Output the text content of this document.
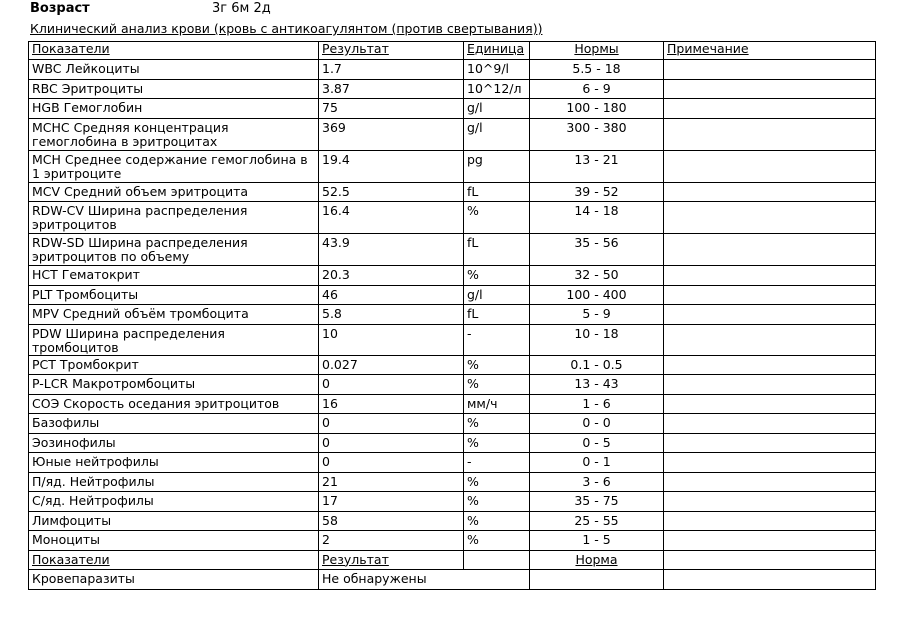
Возраст	3г 6м 2д
Клинический анализ крови (кровь с антикоагулянтом (против свертывания))
Показатели	Результат	Единица	Нормы	Примечание
WBC Лейкоциты	1.7	10^9/l	5.5 - 18	
RBC Эритроциты	3.87	10^12/л	6 - 9	
HGB Гемоглобин	75	g/l	100 - 180	
MCHC Средняя концентрация гемоглобина в эритроцитах	369	g/l	300 - 380	
MCH Среднее содержание гемоглобина в 1 эритроците	19.4	pg	13 - 21	
MCV Средний объем эритроцита	52.5	fL	39 - 52	
RDW-CV Ширина распределения эритроцитов	16.4	%	14 - 18	
RDW-SD Ширина распределения эритроцитов по объему	43.9	fL	35 - 56	
HCT Гематокрит	20.3	%	32 - 50	
PLT Тромбоциты	46	g/l	100 - 400	
MPV Средний объём тромбоцита	5.8	fL	5 - 9	
PDW Ширина распределения тромбоцитов	10	-	10 - 18	
PCT Тромбокрит	0.027	%	0.1 - 0.5	
P-LCR Макротромбоциты	0	%	13 - 43	
СОЭ Скорость оседания эритроцитов	16	мм/ч	1 - 6	
Базофилы	0	%	0 - 0	
Эозинофилы	0	%	0 - 5	
Юные нейтрофилы	0	-	0 - 1	
П/яд. Нейтрофилы	21	%	3 - 6	
С/яд. Нейтрофилы	17	%	35 - 75	
Лимфоциты	58	%	25 - 55	
Моноциты	2	%	1 - 5	
Показатели	Результат		Норма	
Кровепаразиты	Не обнаружены			
